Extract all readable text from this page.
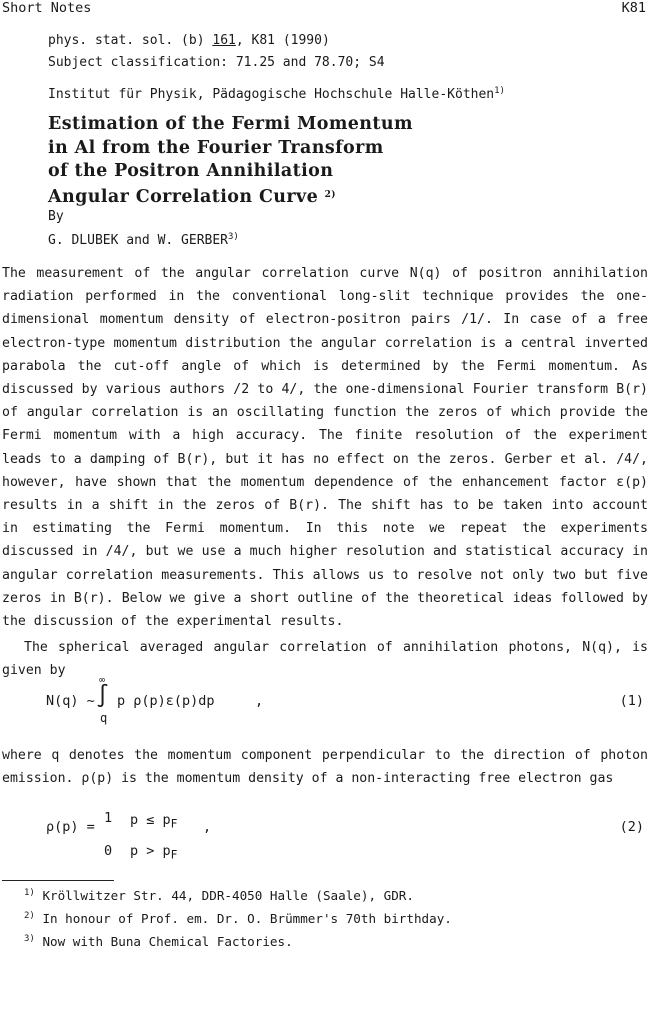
Short Notes	K81
phys. stat. sol. (b) 161, K81 (1990)
Subject classification: 71.25 and 78.70; S4
Institut für Physik, Pädagogische Hochschule Halle-Köthen$^{1)}$
Estimation of the Fermi Momentum
in Al from the Fourier Transform
of the Positron Annihilation
Angular Correlation Curve $^{2)}$
By
G. DLUBEK and W. GERBER$^{3)}$
The measurement of the angular correlation curve N(q) of positron annihilation radiation performed in the conventional long-slit technique provides the one-dimensional momentum density of electron-positron pairs /1/. In case of a free electron-type momentum distribution the angular correlation is a central inverted parabola the cut-off angle of which is determined by the Fermi momentum. As discussed by various authors /2 to 4/, the one-dimensional Fourier transform B(r) of angular correlation is an oscillating function the zeros of which provide the Fermi momentum with a high accuracy. The finite resolution of the experiment leads to a damping of B(r), but it has no effect on the zeros. Gerber et al. /4/, however, have shown that the momentum dependence of the enhancement factor ε(p) results in a shift in the zeros of B(r). The shift has to be taken into account in estimating the Fermi momentum. In this note we repeat the experiments discussed in /4/, but we use a much higher resolution and statistical accuracy in angular correlation measurements. This allows us to resolve not only two but five zeros in B(r). Below we give a short outline of the theoretical ideas followed by the discussion of the experimental results.
The spherical averaged angular correlation of annihilation photons, N(q), is given by
N(q) ~
∞
∫
q
p ρ(p)ε(p)dp	,	(1)
where q denotes the momentum component perpendicular to the direction of photon emission. ρ(p) is the momentum density of a non-interacting free electron gas
ρ(p) =
1 $p \le p_F$ ,
0 $p > p_F$
(2)
$^{1)}$ Kröllwitzer Str. 44, DDR-4050 Halle (Saale), GDR.
$^{2)}$ In honour of Prof. em. Dr. O. Brümmer's 70th birthday.
$^{3)}$ Now with Buna Chemical Factories.
